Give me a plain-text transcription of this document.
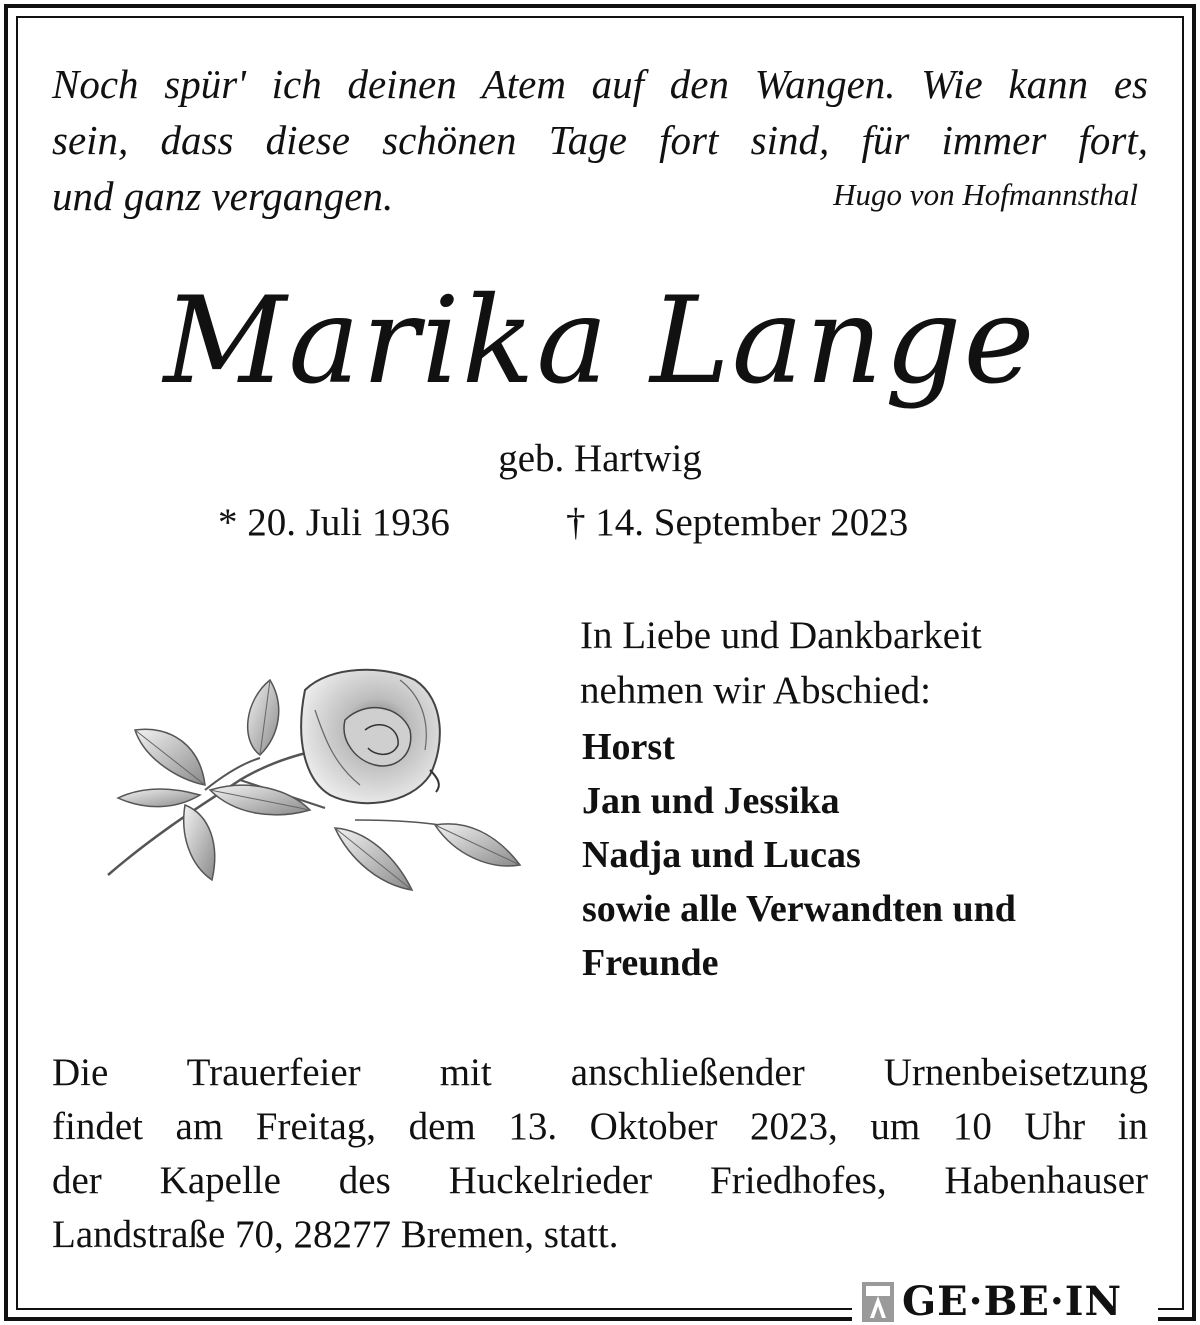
Noch spür' ich deinen Atem auf den Wangen. Wie kann es
sein, dass diese schönen Tage fort sind, für immer fort,
und ganz vergangen.	Hugo von Hofmannsthal
Marika Lange
geb. Hartwig
* 20. Juli 1936	† 14. September 2023
In Liebe und Dankbarkeit
nehmen wir Abschied:
Horst
Jan und Jessika
Nadja und Lucas
sowie alle Verwandten und
Freunde
Die Trauerfeier mit anschließender Urnenbeisetzung
findet am Freitag, dem 13. Oktober 2023, um 10 Uhr in
der Kapelle des Huckelrieder Friedhofes, Habenhauser
Landstraße 70, 28277 Bremen, statt.
GE·BE·IN
